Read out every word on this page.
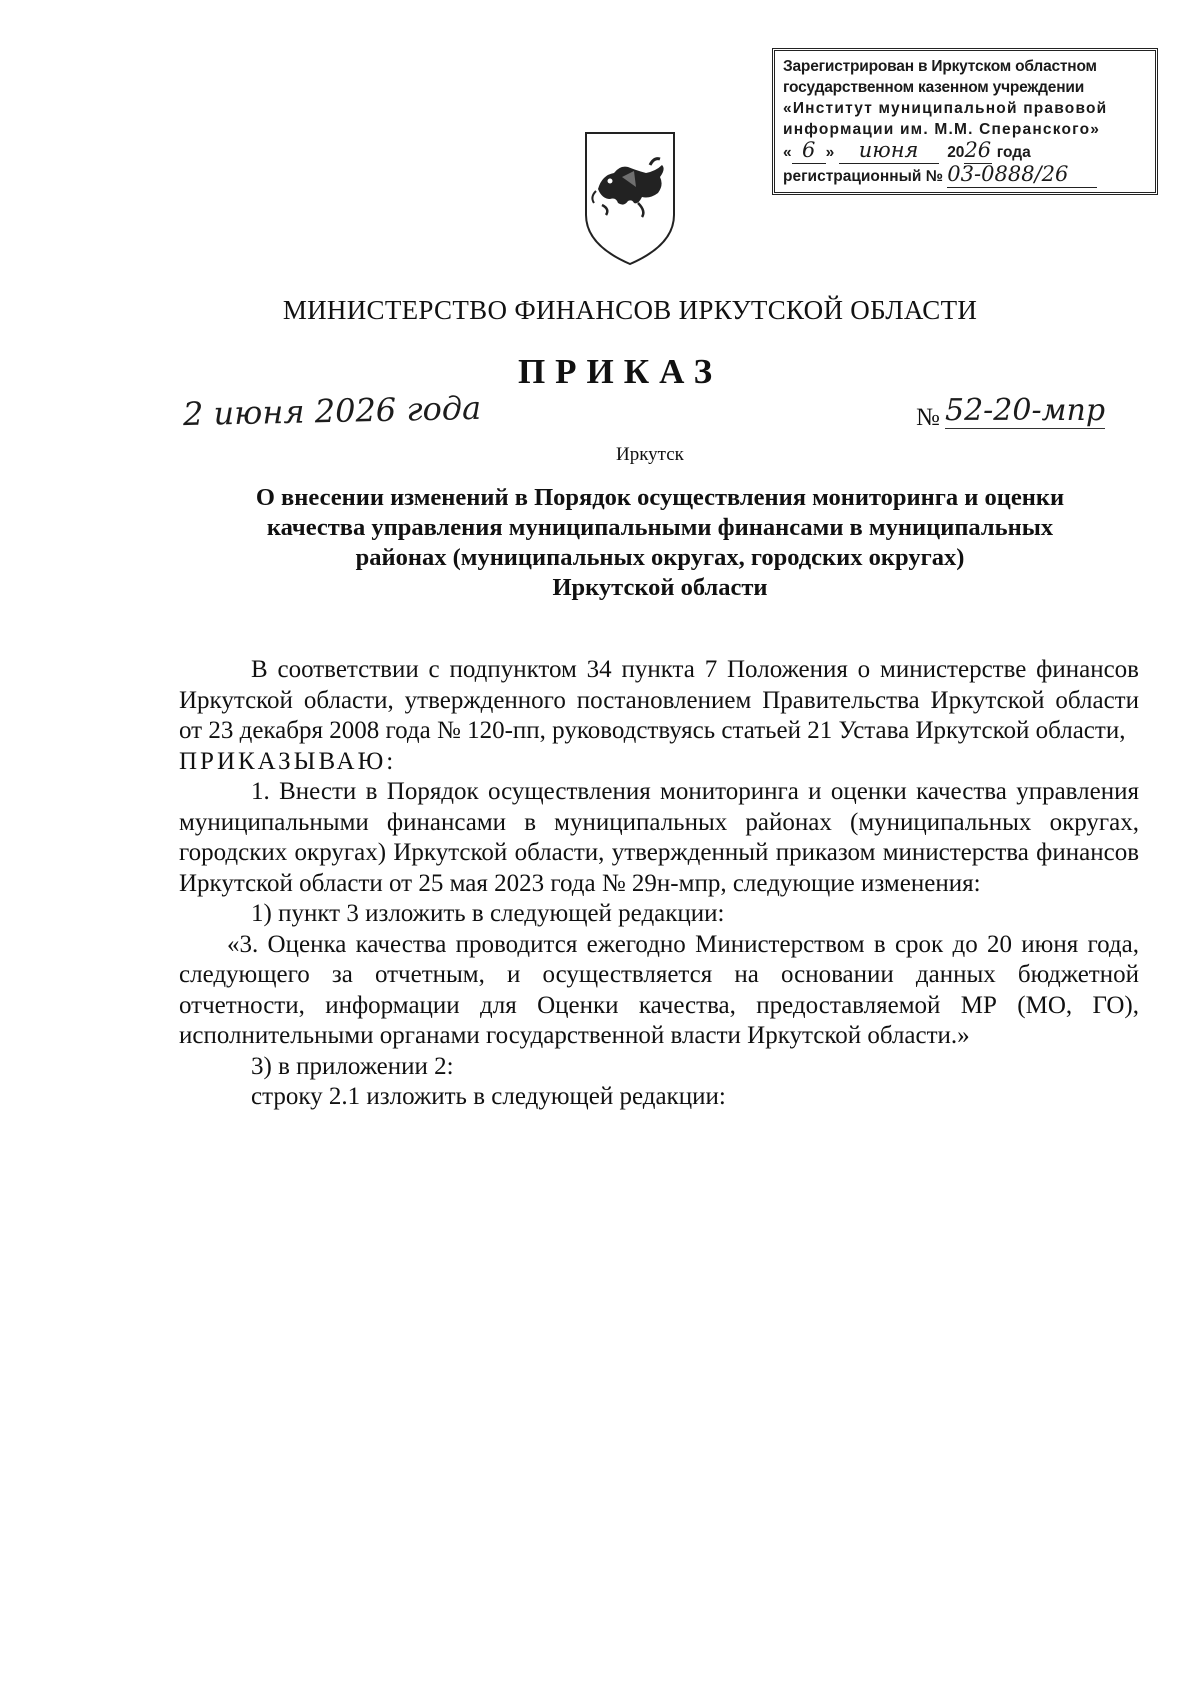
Зарегистрирован в Иркутском областном
государственном казенном учреждении
«Институт муниципальной правовой
информации им. М.М. Сперанского»
« 6 » июня 2026 года
регистрационный № 03-0888/26
МИНИСТЕРСТВО ФИНАНСОВ ИРКУТСКОЙ ОБЛАСТИ
ПРИКАЗ
2 июня 2026 года	№ 52-20-мпр
Иркутск
О внесении изменений в Порядок осуществления мониторинга и оценки
качества управления муниципальными финансами в муниципальных
районах (муниципальных округах, городских округах)
Иркутской области

В соответствии с подпунктом 34 пункта 7 Положения о министерстве финансов Иркутской области, утвержденного постановлением Правительства Иркутской области от 23 декабря 2008 года № 120-пп, руководствуясь статьей 21 Устава Иркутской области,

ПРИКАЗЫВАЮ:

1. Внести в Порядок осуществления мониторинга и оценки качества управления муниципальными финансами в муниципальных районах (муниципальных округах, городских округах) Иркутской области, утвержденный приказом министерства финансов Иркутской области от 25 мая 2023 года № 29н-мпр, следующие изменения:

1) пункт 3 изложить в следующей редакции:

«3. Оценка качества проводится ежегодно Министерством в срок до 20 июня года, следующего за отчетным, и осуществляется на основании данных бюджетной отчетности, информации для Оценки качества, предоставляемой МР (МО, ГО), исполнительными органами государственной власти Иркутской области.»

3) в приложении 2:

строку 2.1 изложить в следующей редакции:
